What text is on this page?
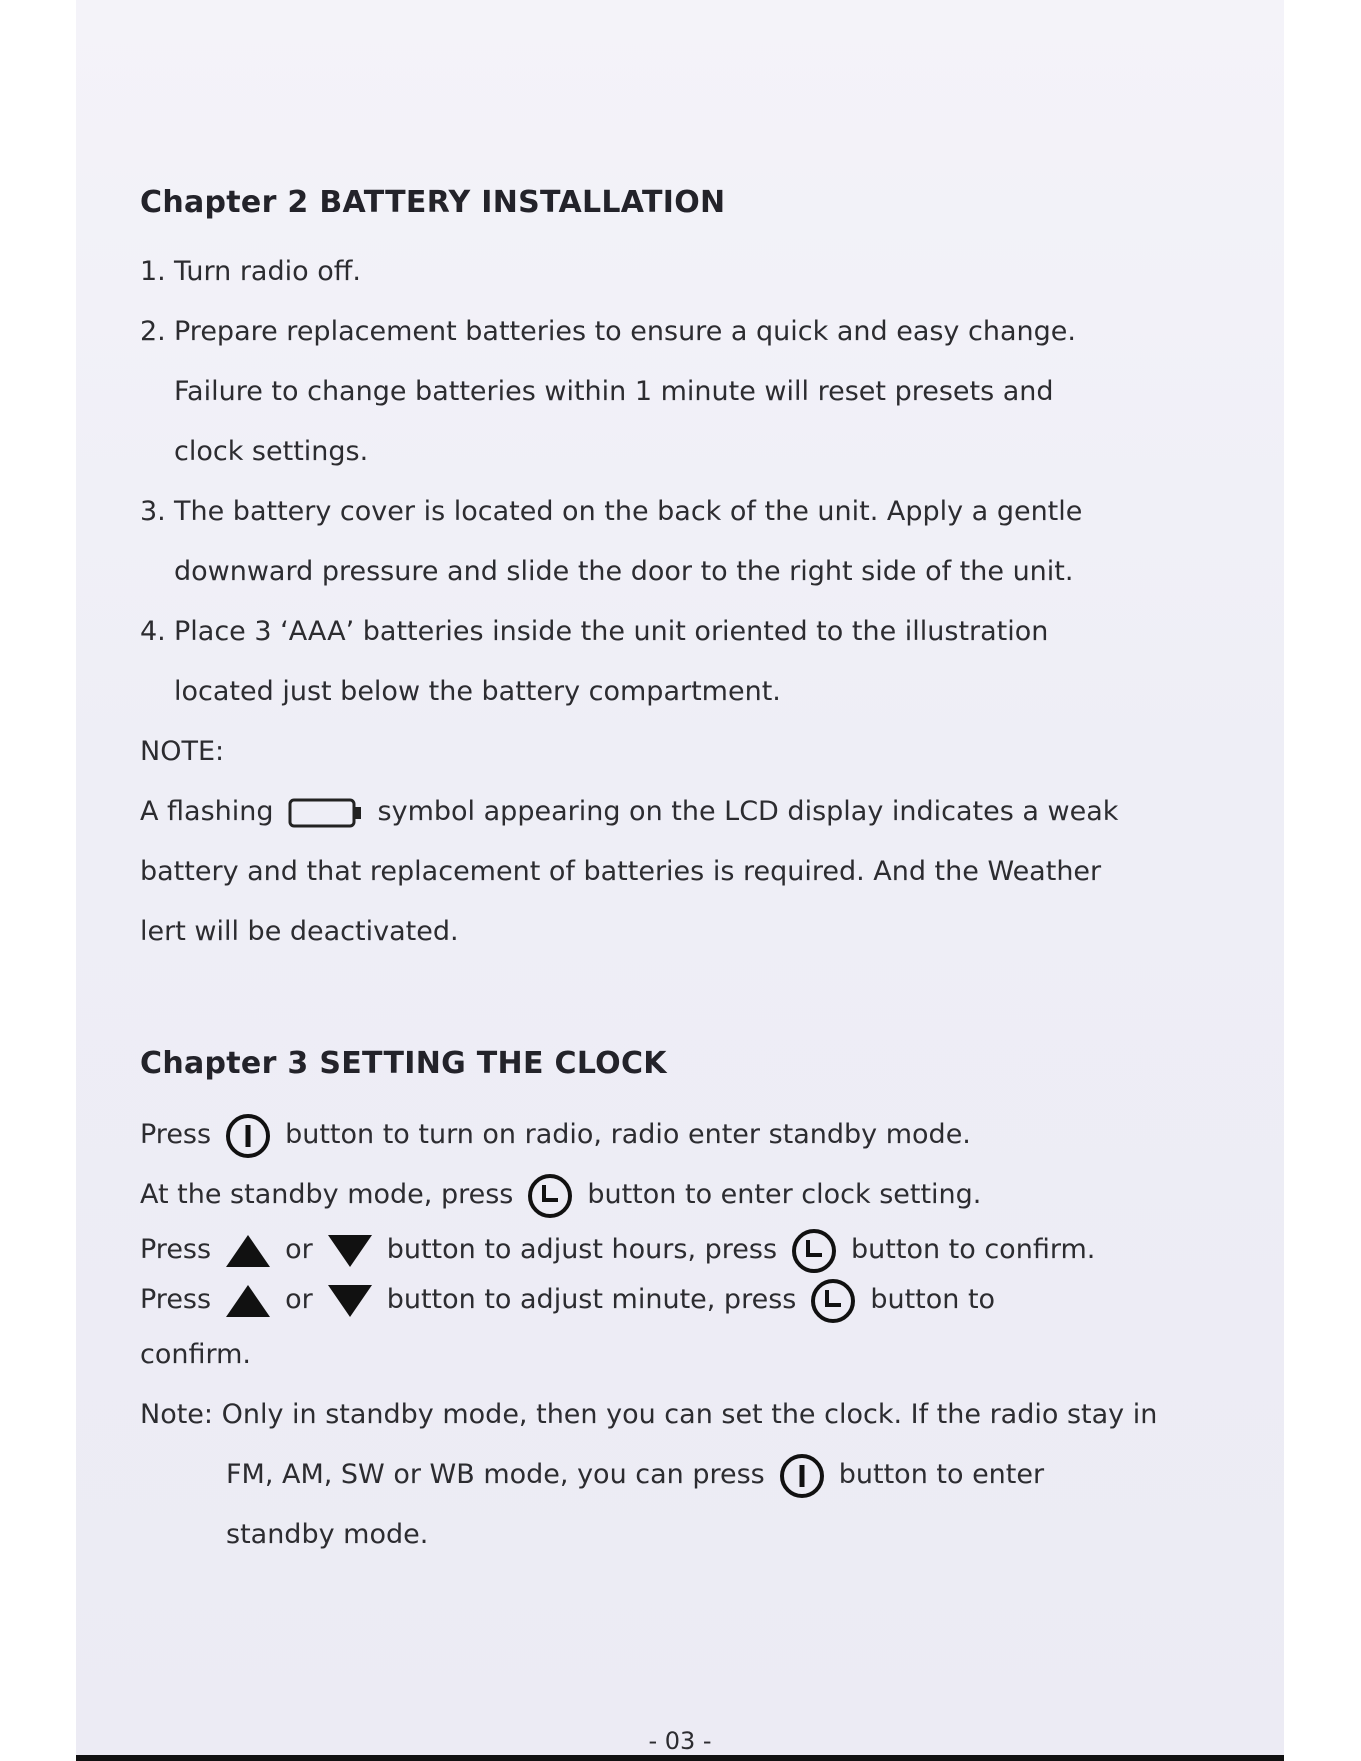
Chapter 2 BATTERY INSTALLATION
1. Turn radio off.

2. Prepare replacement batteries to ensure a quick and easy change.

Failure to change batteries within 1 minute will reset presets and

clock settings.

3. The battery cover is located on the back of the unit. Apply a gentle

downward pressure and slide the door to the right side of the unit.

4. Place 3 ‘AAA’ batteries inside the unit oriented to the illustration

located just below the battery compartment.

NOTE:

A flashing	symbol appearing on the LCD display indicates a weak

battery and that replacement of batteries is required. And the Weather

lert will be deactivated.

Chapter 3 SETTING THE CLOCK

Press	button to turn on radio, radio enter standby mode.

At the standby mode, press	button to enter clock setting.

Press	or	button to adjust hours, press	button to confirm.

Press	or	button to adjust minute, press	button to

confirm.

Note: Only in standby mode, then you can set the clock. If the radio stay in

FM, AM, SW or WB mode, you can press	button to enter

standby mode.

- 03 -
